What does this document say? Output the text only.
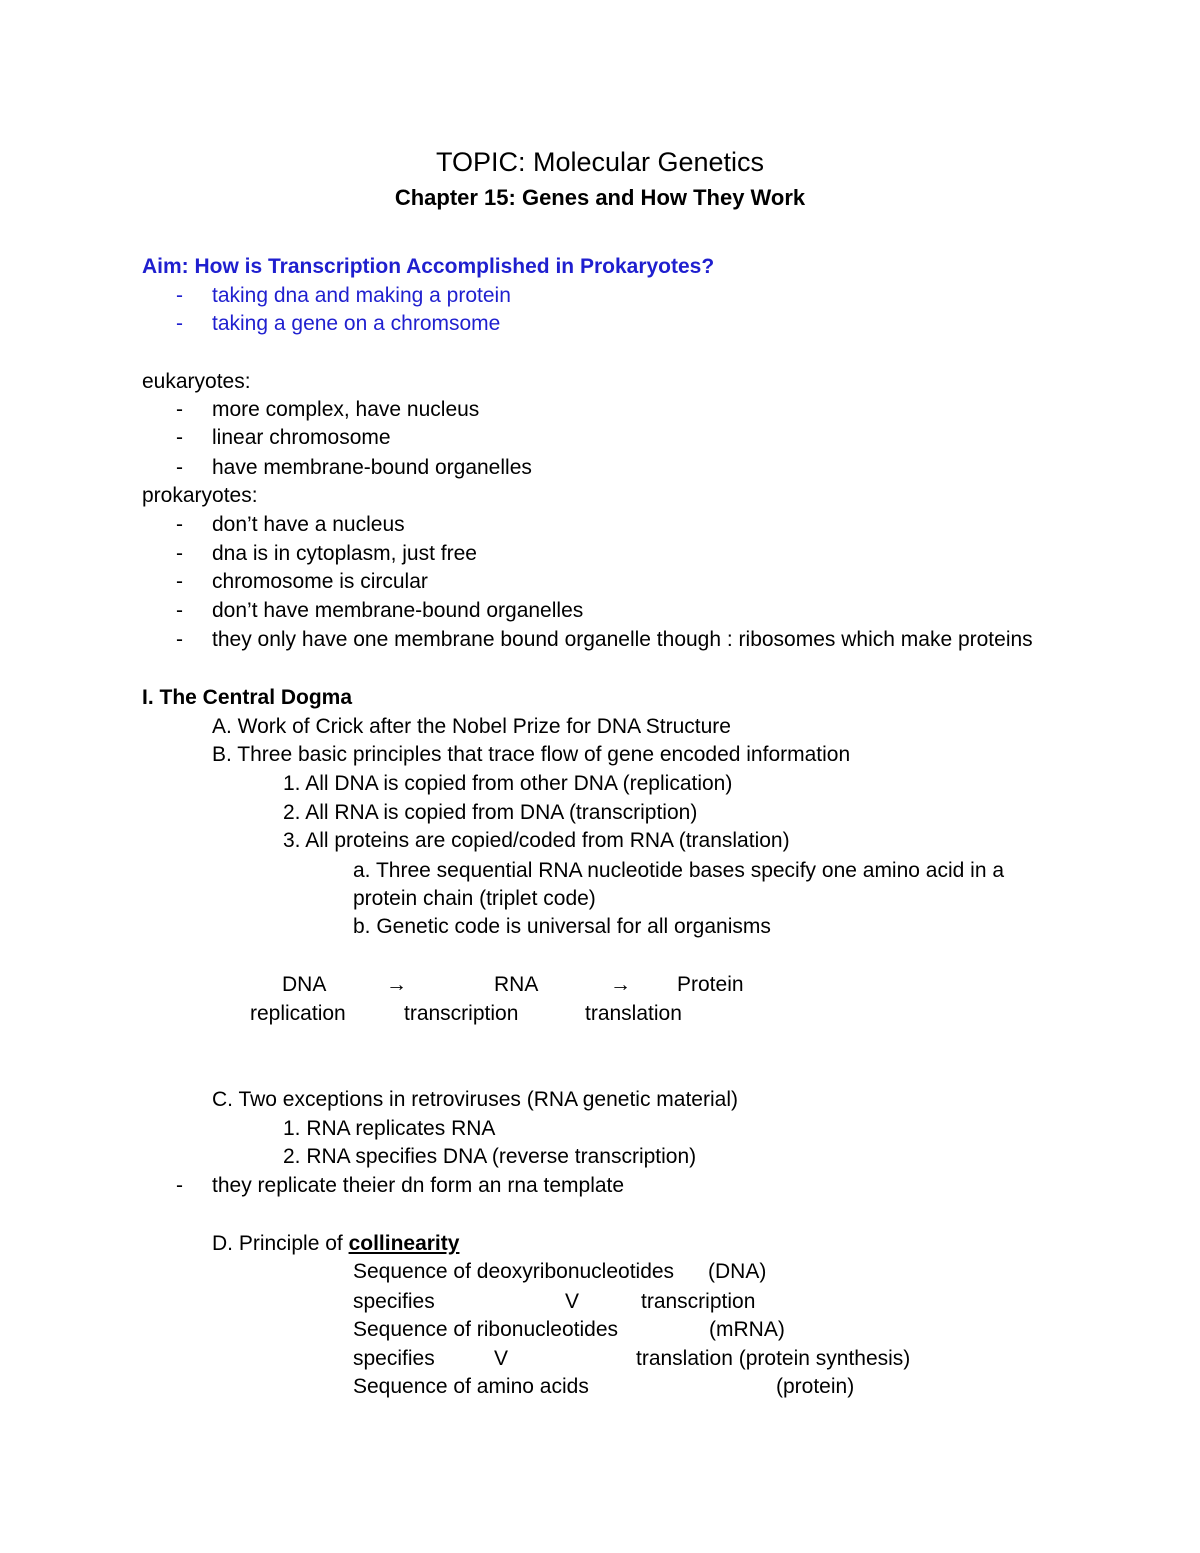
TOPIC: Molecular Genetics
Chapter 15: Genes and How They Work
Aim: How is Transcription Accomplished in Prokaryotes?
- taking dna and making a protein
- taking a gene on a chromsome
eukaryotes:
- more complex, have nucleus
- linear chromosome
- have membrane-bound organelles
prokaryotes:
- don’t have a nucleus
- dna is in cytoplasm, just free
- chromosome is circular
- don’t have membrane-bound organelles
- they only have one membrane bound organelle though : ribosomes which make proteins
I. The Central Dogma
A. Work of Crick after the Nobel Prize for DNA Structure
B. Three basic principles that trace flow of gene encoded information
1. All DNA is copied from other DNA (replication)
2. All RNA is copied from DNA (transcription)
3. All proteins are copied/coded from RNA (translation)
a. Three sequential RNA nucleotide bases specify one amino acid in a
protein chain (triplet code)
b. Genetic code is universal for all organisms
DNA	→	RNA	→ Protein
replication	transcription	translation
C. Two exceptions in retroviruses (RNA genetic material)
1. RNA replicates RNA
2. RNA specifies DNA (reverse transcription)
- they replicate theier dn form an rna template
D. Principle of collinearity
Sequence of deoxyribonucleotides (DNA)
specifies	V	transcription
Sequence of ribonucleotides	(mRNA)
specifies	V	translation (protein synthesis)
Sequence of amino acids	(protein)
